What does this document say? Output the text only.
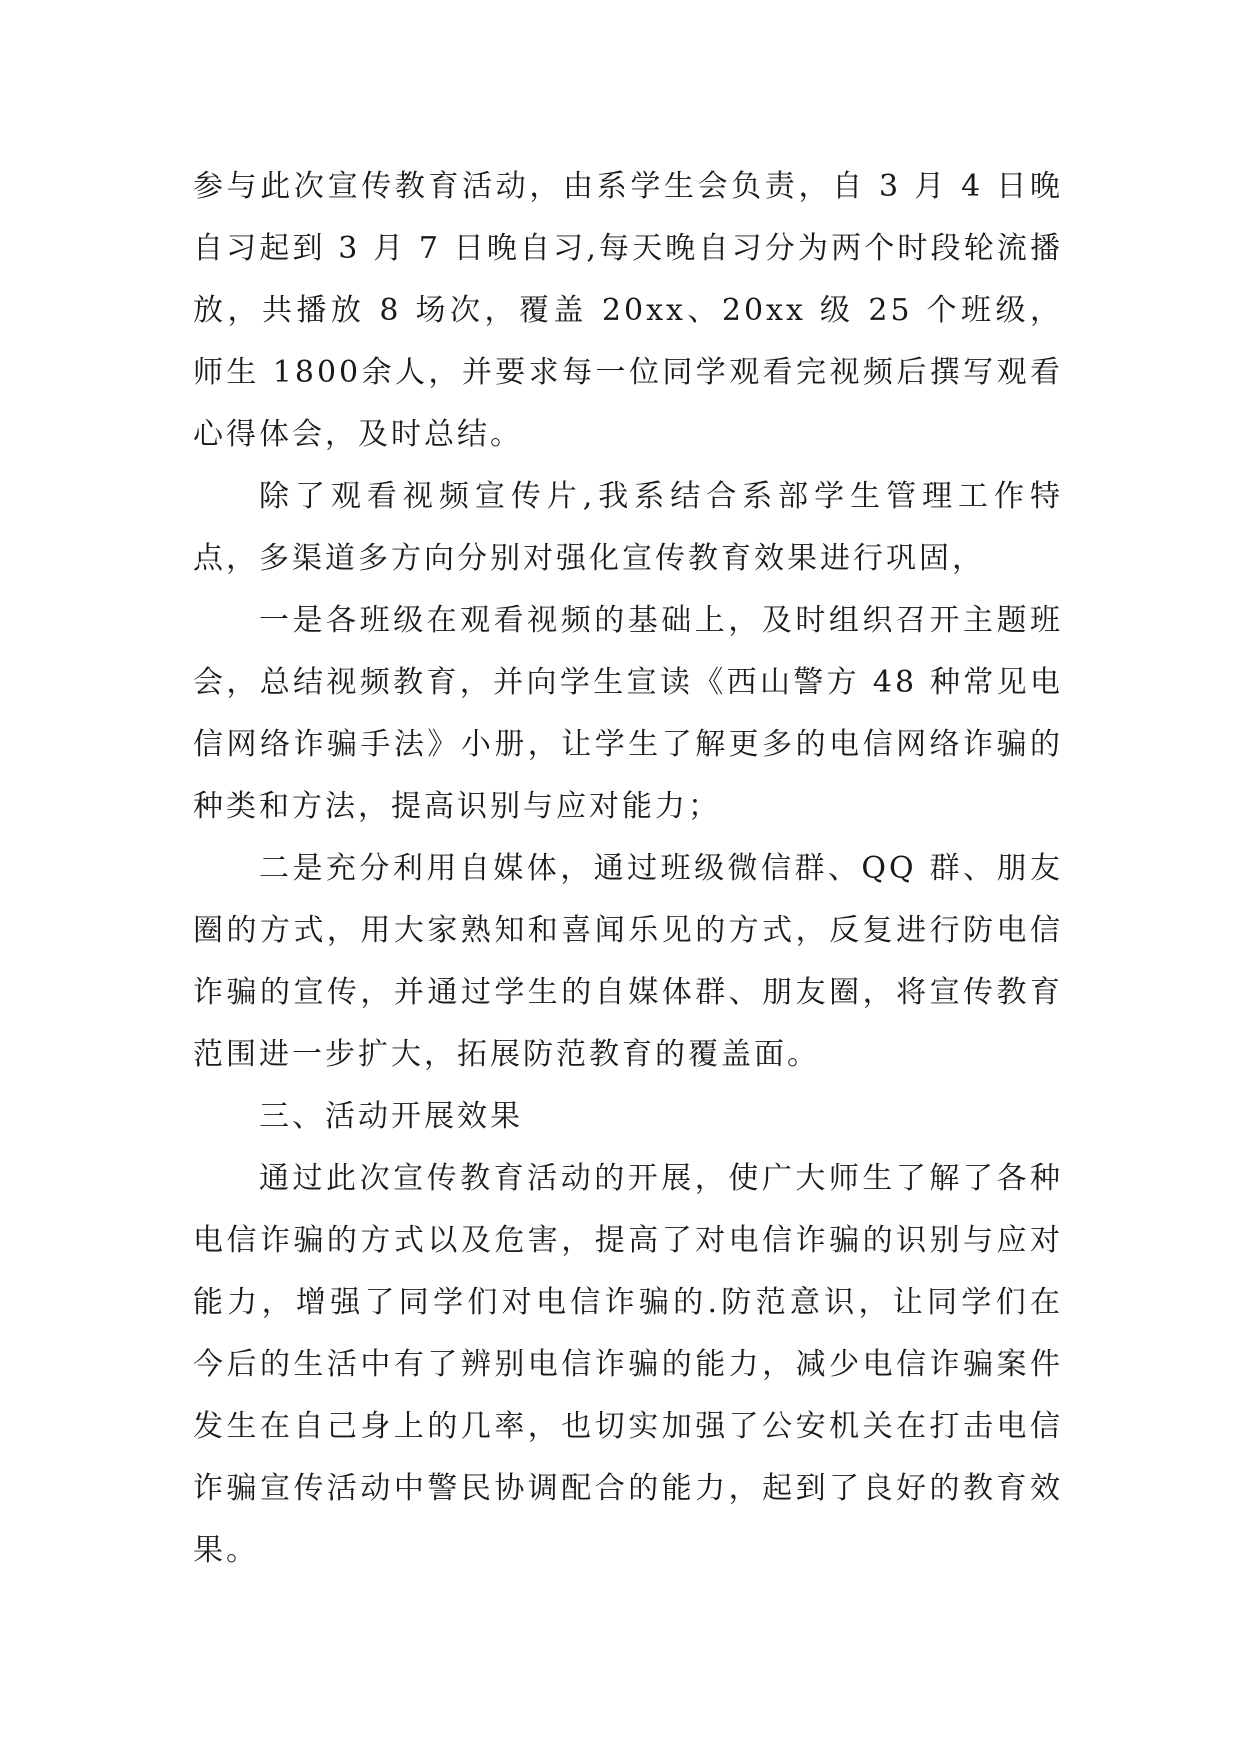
参与此次宣传教育活动，由系学生会负责，自 3 月 4 日晚自习起到 3 月 7 日晚自习,每天晚自习分为两个时段轮流播放，共播放 8 场次，覆盖 20xx、20xx 级 25 个班级，师生 1800余人，并要求每一位同学观看完视频后撰写观看心得体会，及时总结。

除了观看视频宣传片,我系结合系部学生管理工作特点，多渠道多方向分别对强化宣传教育效果进行巩固，

一是各班级在观看视频的基础上，及时组织召开主题班会，总结视频教育，并向学生宣读《西山警方 48 种常见电信网络诈骗手法》小册，让学生了解更多的电信网络诈骗的种类和方法，提高识别与应对能力；

二是充分利用自媒体，通过班级微信群、QQ 群、朋友圈的方式，用大家熟知和喜闻乐见的方式，反复进行防电信诈骗的宣传，并通过学生的自媒体群、朋友圈，将宣传教育范围进一步扩大，拓展防范教育的覆盖面。

三、活动开展效果

通过此次宣传教育活动的开展，使广大师生了解了各种电信诈骗的方式以及危害，提高了对电信诈骗的识别与应对能力，增强了同学们对电信诈骗的.防范意识，让同学们在今后的生活中有了辨别电信诈骗的能力，减少电信诈骗案件发生在自己身上的几率，也切实加强了公安机关在打击电信诈骗宣传活动中警民协调配合的能力，起到了良好的教育效果。
